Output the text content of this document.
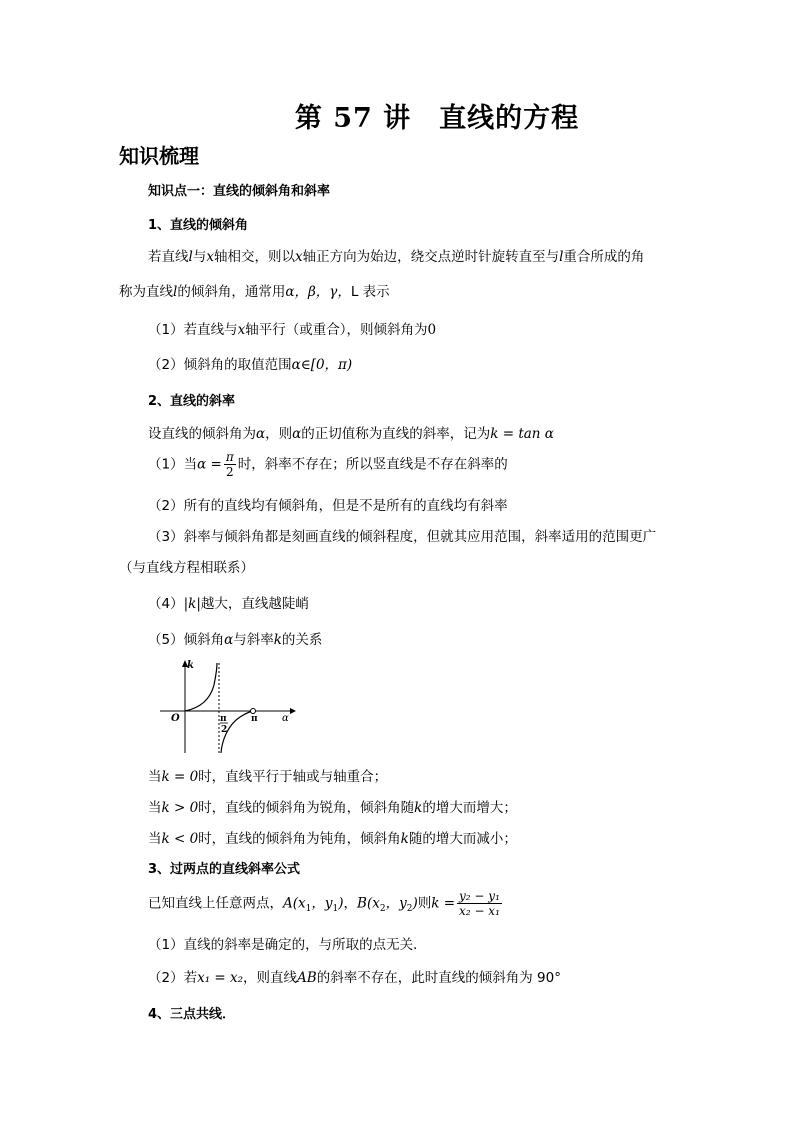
第 57 讲　直线的方程
知识梳理
知识点一：直线的倾斜角和斜率
1、直线的倾斜角
若直线l与x轴相交，则以x轴正方向为始边，绕交点逆时针旋转直至与l重合所成的角
称为直线l的倾斜角，通常用α，β，γ，L 表示
（1）若直线与x轴平行（或重合），则倾斜角为0
（2）倾斜角的取值范围α∈[0，π)
2、直线的斜率
设直线的倾斜角为α，则α的正切值称为直线的斜率，记为k = tan α
（1）当$\alpha = \frac{\pi}{2}$ 时，斜率不存在；所以竖直线是不存在斜率的
（2）所有的直线均有倾斜角，但是不是所有的直线均有斜率
（3）斜率与倾斜角都是刻画直线的倾斜程度，但就其应用范围，斜率适用的范围更广
（与直线方程相联系）
（4）|k|越大，直线越陡峭
（5）倾斜角α与斜率k的关系
k
O	π
2
π α
当k = 0时，直线平行于轴或与轴重合；
当k > 0时，直线的倾斜角为锐角，倾斜角随k的增大而增大；
当k < 0时，直线的倾斜角为钝角，倾斜角k随的增大而减小；
3、过两点的直线斜率公式
已知直线上任意两点，$A(x_1$，$y_1$)，$B(x_2$，$y_2$)则$k = \frac{\text{y₂ − y₁}}{\text{x₂ − x₁}}$
（1）直线的斜率是确定的，与所取的点无关．
（2）若x₁ = x₂，则直线AB的斜率不存在，此时直线的倾斜角为 90°
4、三点共线．
